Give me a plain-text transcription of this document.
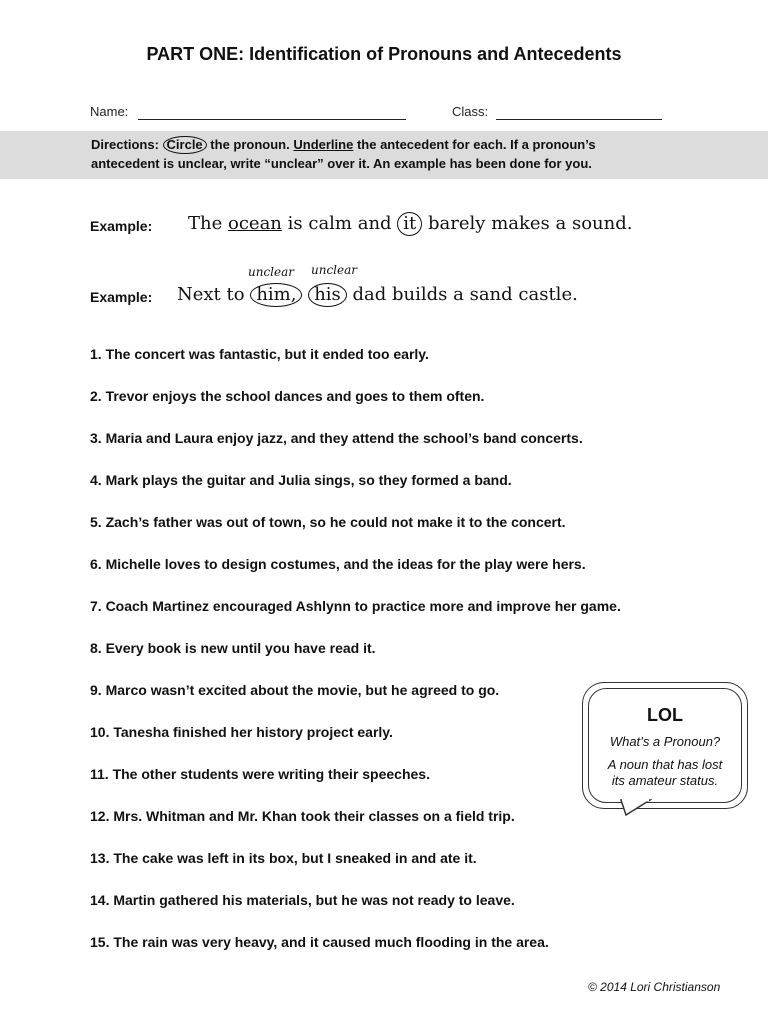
PART ONE: Identification of Pronouns and Antecedents
Name:	Class:
Directions: Circle the pronoun. Underline the antecedent for each. If a pronoun’s
antecedent is unclear, write “unclear” over it. An example has been done for you.
Example: The ocean is calm and it barely makes a sound.
unclear unclear
Example: Next to him, his dad builds a sand castle.
1. The concert was fantastic, but it ended too early.
2. Trevor enjoys the school dances and goes to them often.
3. Maria and Laura enjoy jazz, and they attend the school’s band concerts.
4. Mark plays the guitar and Julia sings, so they formed a band.
5. Zach’s father was out of town, so he could not make it to the concert.
6. Michelle loves to design costumes, and the ideas for the play were hers.
7. Coach Martinez encouraged Ashlynn to practice more and improve her game.
8. Every book is new until you have read it.
9. Marco wasn’t excited about the movie, but he agreed to go.
10. Tanesha finished her history project early.
11. The other students were writing their speeches.
12. Mrs. Whitman and Mr. Khan took their classes on a field trip.
13. The cake was left in its box, but I sneaked in and ate it.
14. Martin gathered his materials, but he was not ready to leave.
15. The rain was very heavy, and it caused much flooding in the area.
LOL
What’s a Pronoun?
A noun that has lost
its amateur status.
© 2014 Lori Christianson
